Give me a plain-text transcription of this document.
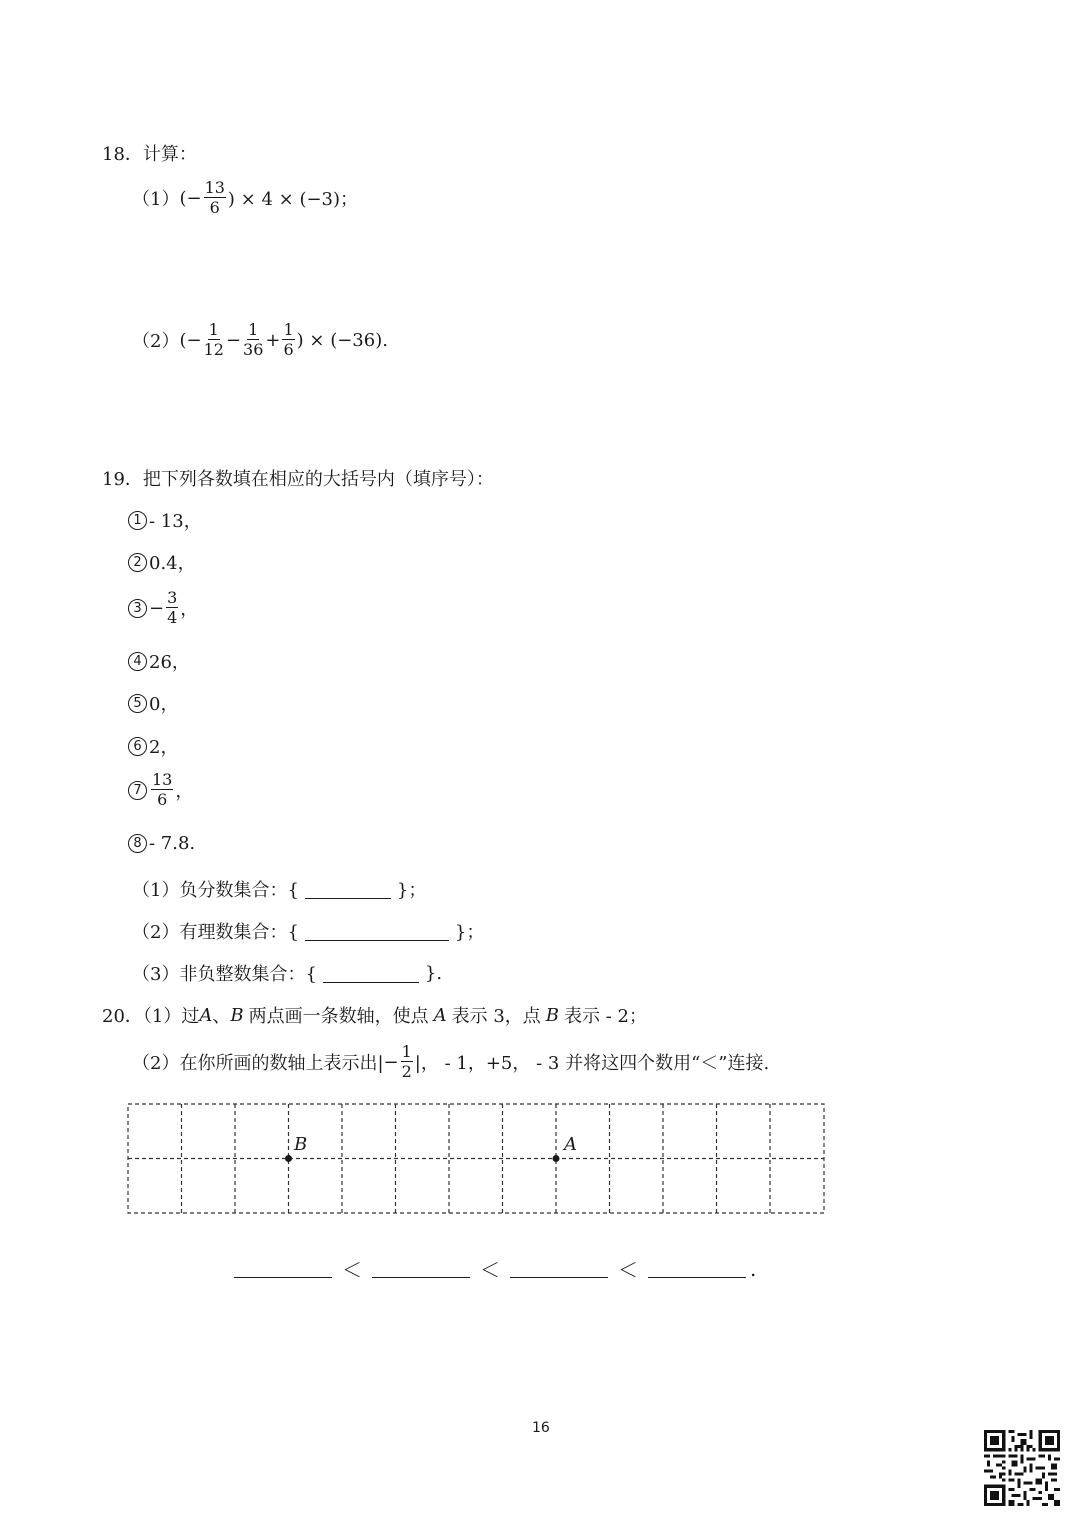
18．计算：
（1） (− $\frac{13}{6}$ ) × 4 × (−3)；
（2） (− $\frac{1}{12} - \frac{1}{36} + \frac{1}{6}$ ) × (−36).
19．把下列各数填在相应的大括号内（填序号）：
1 - 13，
2 0.4，
$3 - \frac{3}{4}$ ，
4 26，
5 0，
6 2，
$7 \frac{13}{6}$ ，
8 - 7.8.
（1）负分数集合：{	}；
（2）有理数集合：{	}；
（3）非负整数集合：{	}.
20．（1）过 A 、 B 两点画一条数轴，使点 A 表示 3，点 B 表示 - 2；
（2）在你所画的数轴上表示出| − $\frac{1}{2}$ |， - 1，+5， - 3 并将这四个数用“＜”连接.
B	A
＜	＜	＜	.
16
